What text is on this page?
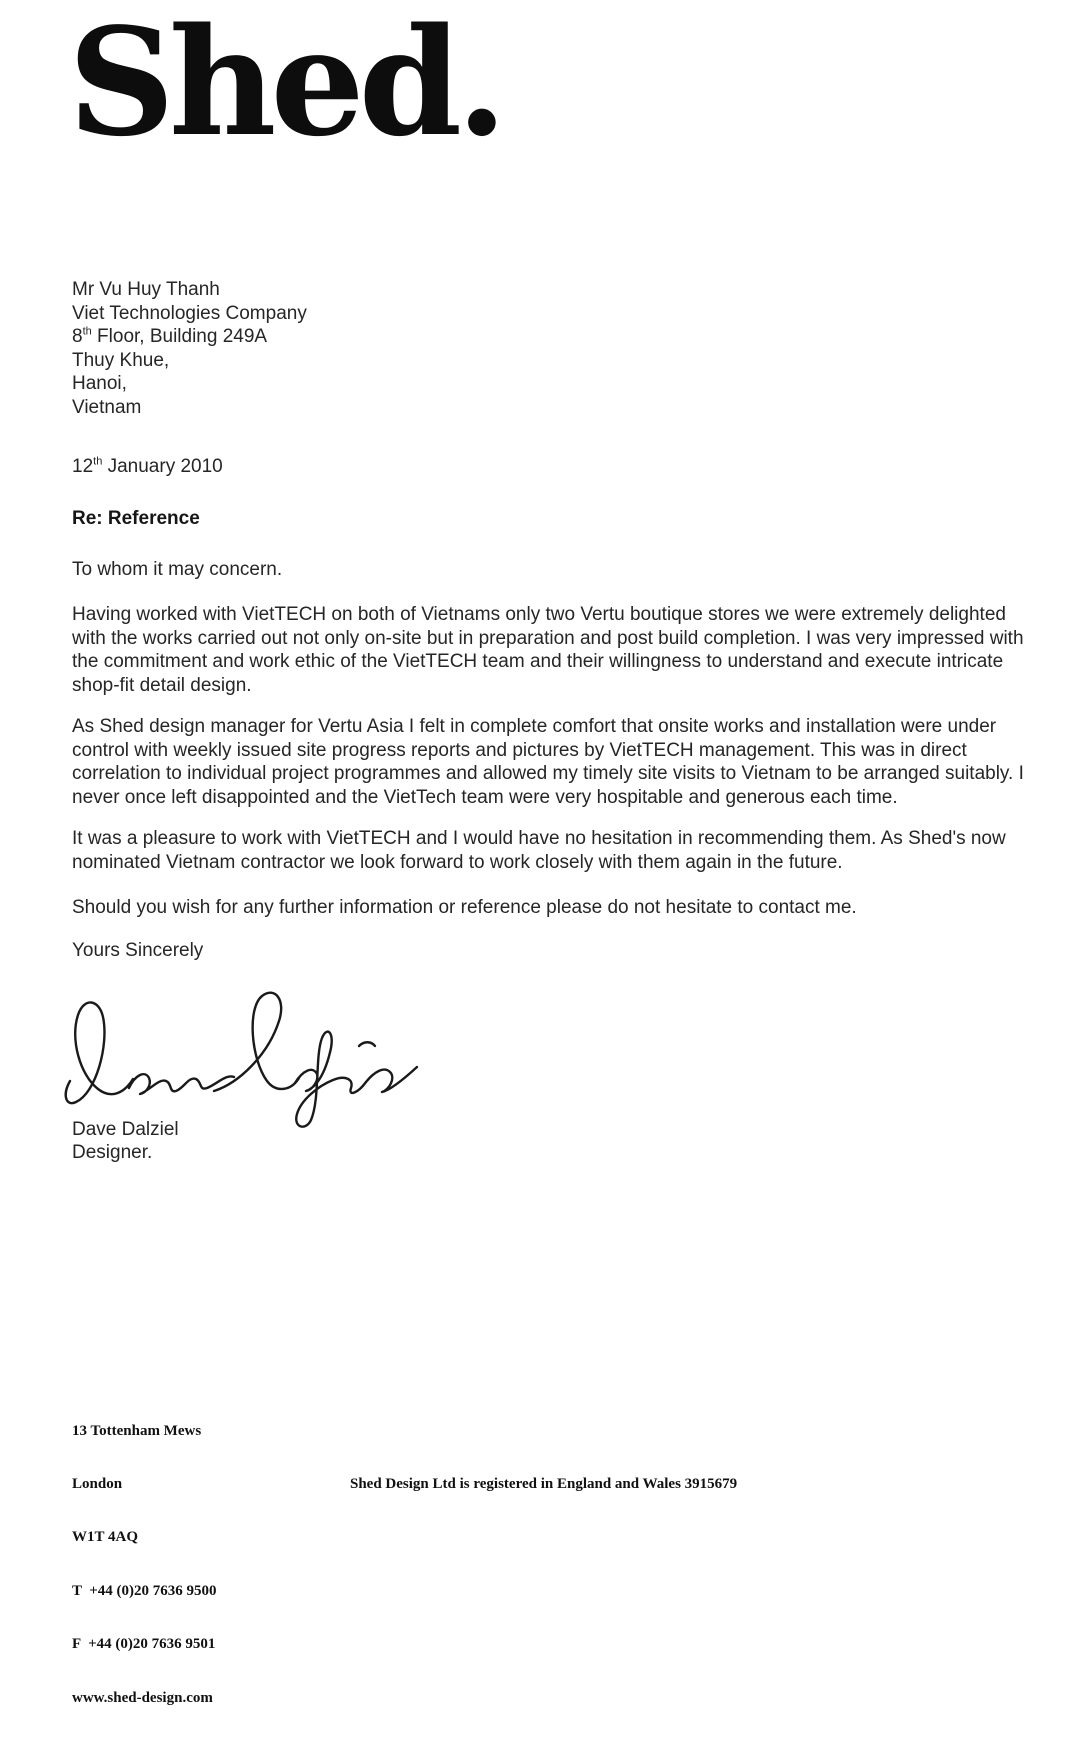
Shed.
Mr Vu Huy Thanh
Viet Technologies Company
8th Floor, Building 249A
Thuy Khue,
Hanoi,
Vietnam
12th January 2010
Re: Reference
To whom it may concern.
Having worked with VietTECH on both of Vietnams only two Vertu boutique stores we were extremely delighted with the works carried out not only on-site but in preparation and post build completion. I was very impressed with the commitment and work ethic of the VietTECH team and their willingness to understand and execute intricate shop-fit detail design.
As Shed design manager for Vertu Asia I felt in complete comfort that onsite works and installation were under control with weekly issued site progress reports and pictures by VietTECH management. This was in direct correlation to individual project programmes and allowed my timely site visits to Vietnam to be arranged suitably. I never once left disappointed and the VietTech team were very hospitable and generous each time.
It was a pleasure to work with VietTECH and I would have no hesitation in recommending them. As Shed's now nominated Vietnam contractor we look forward to work closely with them again in the future.
Should you wish for any further information or reference please do not hesitate to contact me.
Yours Sincerely
Dave Dalziel
Designer.

13 Tottenham Mews

London

W1T 4AQ

T  +44 (0)20 7636 9500

F  +44 (0)20 7636 9501

www.shed-design.com

Shed Design Ltd is registered in England and Wales 3915679
